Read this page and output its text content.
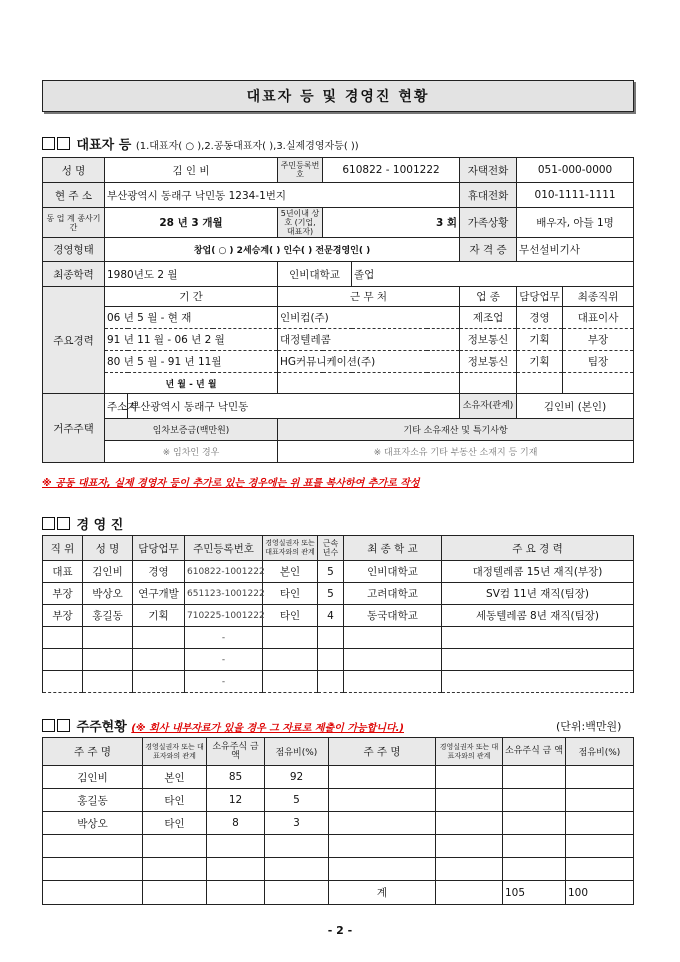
대표자 등 및 경영진 현황
대표자 등 (1.대표자( ○ ),2.공동대표자( ),3.실제경영자등( ))
성 명	김 인 비		주민등록번호	610822 - 1001222		자택전화	051-000-0000	
현 주 소	부산광역시 동래구 낙민동 1234-1번지					휴대전화	010-1111-1111	
동 업 계 종사기간	28 년 3 개월		5년이내 상호 (기업, 대표자)	3 회		가족상황	배우자, 아들 1명	
경영형태	창업( ○ ) 2세승계( ) 인수( ) 전문경영인( )					자 격 증	무선설비기사	
최종학력	1980년도 2 월		인비대학교		졸업			
주요경력	기 간		근 무 처			업 종	담당업무	최종직위
	06 년 5 월 - 현 재		인비컴(주)			제조업	경영	대표이사
	91 년 11 월 - 06 년 2 월		대정텔레콤			정보통신	기획	부장
	80 년 5 월 - 91 년 11월		HG커뮤니케이션(주)			정보통신	기획	팀장
	년 월 - 년 월							
거주주택	주소지	부산광역시 동래구 낙민동				소유자(관계)	김인비 (본인)	
	임차보증금(백만원)		기타 소유재산 및 특기사항					
	※ 임차인 경우		※ 대표자소유 기타 부동산 소재지 등 기재					
※ 공동 대표자, 실제 경영자 등이 추가로 있는 경우에는 위 표를 복사하여 추가로 작성
경 영 진
직 위	성 명	담당업무	주민등록번호	경영실권자 또는 대표자와의 관계	근속 년수	최 종 학 교	주 요 경 력
대표	김인비	경영	610822-1001222	본인	5	인비대학교	대정텔레콤 15년 재직(부장)
부장	박상오	연구개발	651123-1001222	타인	5	고려대학교	SV컴 11년 재직(팀장)
부장	홍길동	기획	710225-1001222	타인	4	동국대학교	세동텔레콤 8년 재직(팀장)
			-				
			-				
			-				
주주현황 (※ 회사 내부자료가 있을 경우 그 자료로 제출이 가능합니다.)	(단위:백만원)
주 주 명	경영실권자 또는 대표자와의 관계	소유주식 금 액	점유비(%)	주 주 명	경영실권자 또는 대표자와의 관계	소유주식 금 액	점유비(%)
김인비	본인	85	92				
홍길동	타인	12	5				
박상오	타인	8	3				

				계		105	100
- 2 -
